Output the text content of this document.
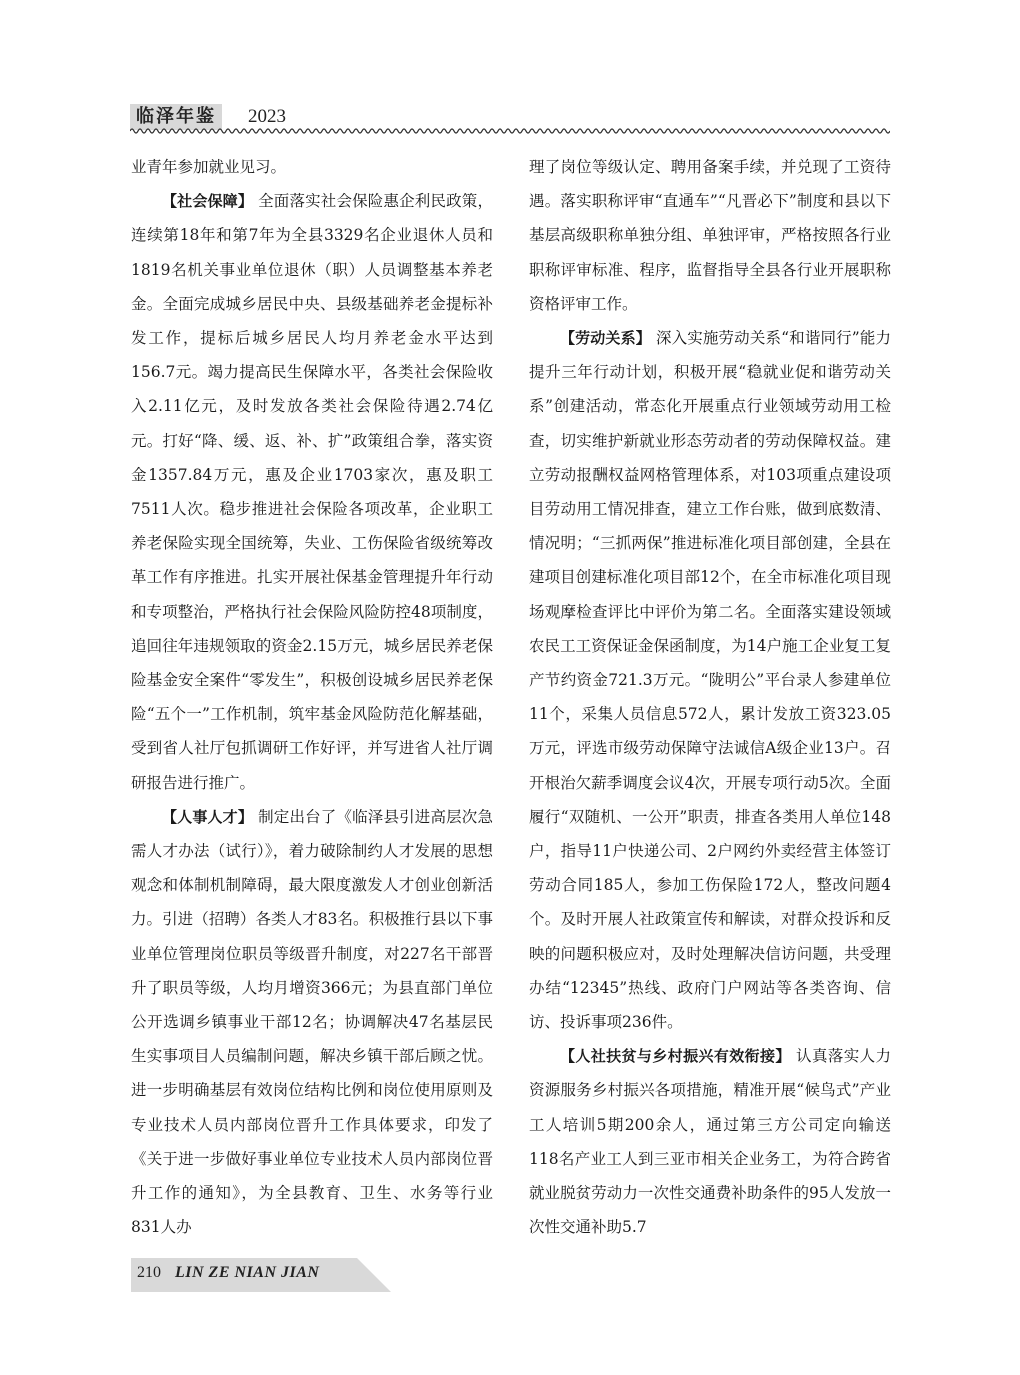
临泽年鉴	2023

业青年参加就业见习。

【社会保障】 全面落实社会保险惠企利民政策，连续第18年和第7年为全县3329名企业退休人员和1819名机关事业单位退休（职）人员调整基本养老金。全面完成城乡居民中央、县级基础养老金提标补发工作，提标后城乡居民人均月养老金水平达到156.7元。竭力提高民生保障水平，各类社会保险收入2.11亿元，及时发放各类社会保险待遇2.74亿元。打好“降、缓、返、补、扩”政策组合拳，落实资金1357.84万元，惠及企业1703家次，惠及职工7511人次。稳步推进社会保险各项改革，企业职工养老保险实现全国统筹，失业、工伤保险省级统筹改革工作有序推进。扎实开展社保基金管理提升年行动和专项整治，严格执行社会保险风险防控48项制度，追回往年违规领取的资金2.15万元，城乡居民养老保险基金安全案件“零发生”，积极创设城乡居民养老保险“五个一”工作机制，筑牢基金风险防范化解基础，受到省人社厅包抓调研工作好评，并写进省人社厅调研报告进行推广。

【人事人才】 制定出台了《临泽县引进高层次急需人才办法（试行）》，着力破除制约人才发展的思想观念和体制机制障碍，最大限度激发人才创业创新活力。引进（招聘）各类人才83名。积极推行县以下事业单位管理岗位职员等级晋升制度，对227名干部晋升了职员等级，人均月增资366元；为县直部门单位公开选调乡镇事业干部12名；协调解决47名基层民生实事项目人员编制问题，解决乡镇干部后顾之忧。进一步明确基层有效岗位结构比例和岗位使用原则及专业技术人员内部岗位晋升工作具体要求，印发了《关于进一步做好事业单位专业技术人员内部岗位晋升工作的通知》，为全县教育、卫生、水务等行业831人办

理了岗位等级认定、聘用备案手续，并兑现了工资待遇。落实职称评审“直通车”“凡晋必下”制度和县以下基层高级职称单独分组、单独评审，严格按照各行业职称评审标准、程序，监督指导全县各行业开展职称资格评审工作。

【劳动关系】 深入实施劳动关系“和谐同行”能力提升三年行动计划，积极开展“稳就业促和谐劳动关系”创建活动，常态化开展重点行业领域劳动用工检查，切实维护新就业形态劳动者的劳动保障权益。建立劳动报酬权益网格管理体系，对103项重点建设项目劳动用工情况排查，建立工作台账，做到底数清、情况明；“三抓两保”推进标准化项目部创建，全县在建项目创建标准化项目部12个，在全市标准化项目现场观摩检查评比中评价为第二名。全面落实建设领域农民工工资保证金保函制度，为14户施工企业复工复产节约资金721.3万元。“陇明公”平台录人参建单位11个，采集人员信息572人，累计发放工资323.05万元，评选市级劳动保障守法诚信A级企业13户。召开根治欠薪季调度会议4次，开展专项行动5次。全面履行“双随机、一公开”职责，排查各类用人单位148户，指导11户快递公司、2户网约外卖经营主体签订劳动合同185人，参加工伤保险172人，整改问题4个。及时开展人社政策宣传和解读，对群众投诉和反映的问题积极应对，及时处理解决信访问题，共受理办结“12345”热线、政府门户网站等各类咨询、信访、投诉事项236件。

【人社扶贫与乡村振兴有效衔接】 认真落实人力资源服务乡村振兴各项措施，精准开展“候鸟式”产业工人培训5期200余人，通过第三方公司定向输送118名产业工人到三亚市相关企业务工，为符合跨省就业脱贫劳动力一次性交通费补助条件的95人发放一次性交通补助5.7

210 LIN ZE NIAN JIAN
